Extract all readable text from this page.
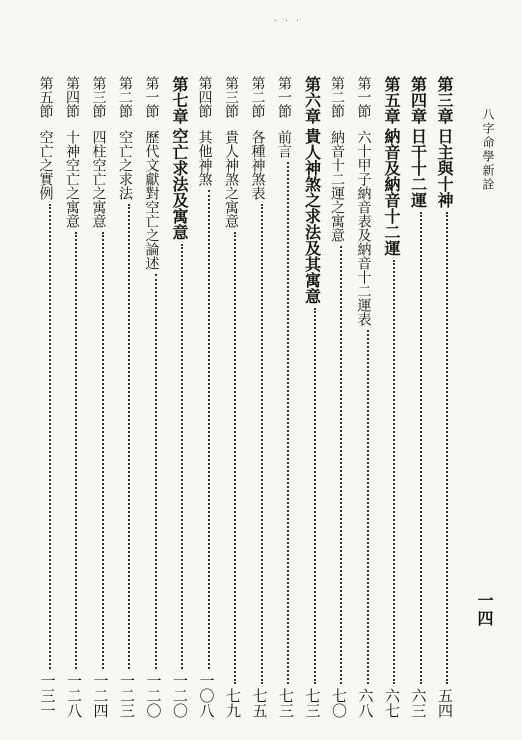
. . .
八字命學新詮
一四
第三章
日主與十神
五四
第四章
日干十二運
六三
第五章
納音及納音十二運
六七
第一節
六十甲子納音表及納音十二運表
六八
第二節
納音十二運之寓意
七〇
第六章
貴人神煞之求法及其寓意
七三
第一節
前言
七三
第二節
各種神煞表
七五
第三節
貴人神煞之寓意
七九
第四節
其他神煞
一〇八
第七章
空亡求法及寓意
一二〇
第一節
歷代文獻對空亡之論述
一二〇
第二節
空亡之求法
一二三
第三節
四柱空亡之寓意
一二四
第四節
十神空亡之寓意
一二八
第五節
空亡之實例
一三一
